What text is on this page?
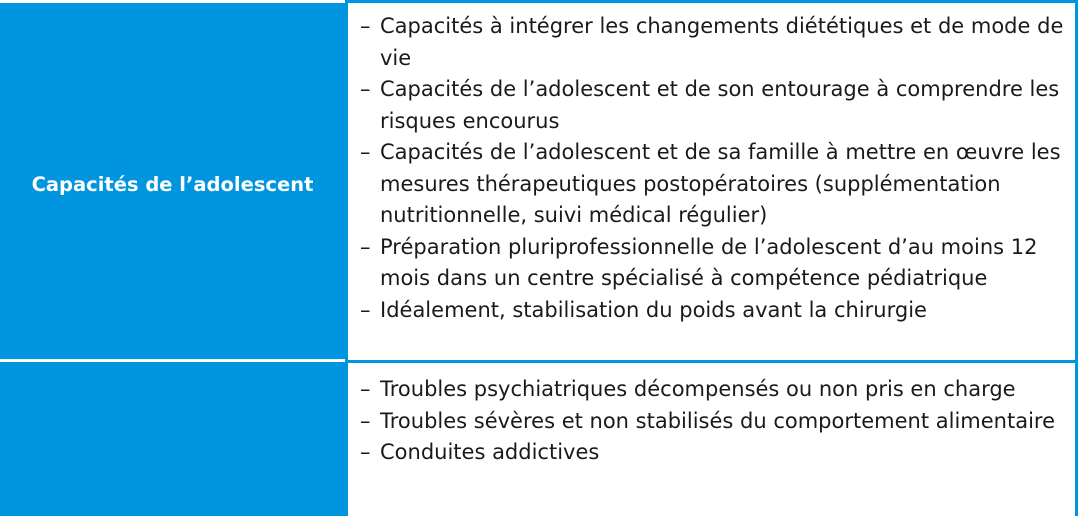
Capacités de l’adolescent
– Capacités à intégrer les changements diététiques et de mode de vie
– Capacités de l’adolescent et de son entourage à comprendre les risques encourus
– Capacités de l’adolescent et de sa famille à mettre en œuvre les mesures thérapeutiques postopératoires (supplémentation nutritionnelle, suivi médical régulier)
– Préparation pluriprofessionnelle de l’adolescent d’au moins 12 mois dans un centre spécialisé à compétence pédiatrique
– Idéalement, stabilisation du poids avant la chirurgie
– Troubles psychiatriques décompensés ou non pris en charge
– Troubles sévères et non stabilisés du comportement alimentaire
– Conduites addictives
